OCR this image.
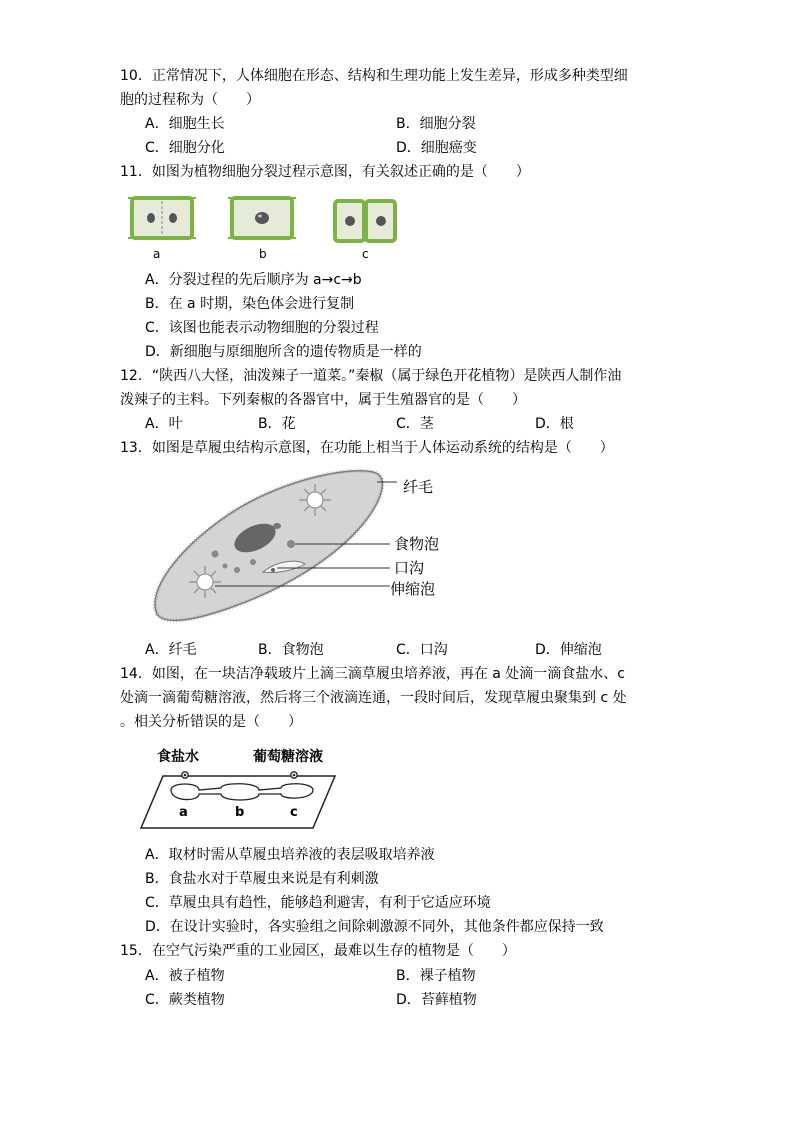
10．正常情况下，人体细胞在形态、结构和生理功能上发生差异，形成多种类型细
胞的过程称为（　　）
A．细胞生长	B．细胞分裂
C．细胞分化	D．细胞癌变
11．如图为植物细胞分裂过程示意图，有关叙述正确的是（　　）
a	b	c
A．分裂过程的先后顺序为 a→c→b
B．在 a 时期，染色体会进行复制
C．该图也能表示动物细胞的分裂过程
D．新细胞与原细胞所含的遗传物质是一样的
12．“陕西八大怪，油泼辣子一道菜。”秦椒（属于绿色开花植物）是陕西人制作油
泼辣子的主料。下列秦椒的各器官中，属于生殖器官的是（　　）
A．叶	B．花	C．茎	D．根
13．如图是草履虫结构示意图，在功能上相当于人体运动系统的结构是（　　）
纤毛
食物泡
口沟
伸缩泡
A．纤毛	B．食物泡	C．口沟	D．伸缩泡
14．如图，在一块洁净载玻片上滴三滴草履虫培养液，再在 a 处滴一滴食盐水、c
处滴一滴葡萄糖溶液，然后将三个液滴连通，一段时间后，发现草履虫聚集到 c 处
。相关分析错误的是（　　）
食盐水	葡萄糖溶液
a	b	c
A．取材时需从草履虫培养液的表层吸取培养液
B．食盐水对于草履虫来说是有利刺激
C．草履虫具有趋性，能够趋利避害，有利于它适应环境
D．在设计实验时，各实验组之间除刺激源不同外，其他条件都应保持一致
15．在空气污染严重的工业园区，最难以生存的植物是（　　）
A．被子植物	B．裸子植物
C．蕨类植物	D．苔藓植物
